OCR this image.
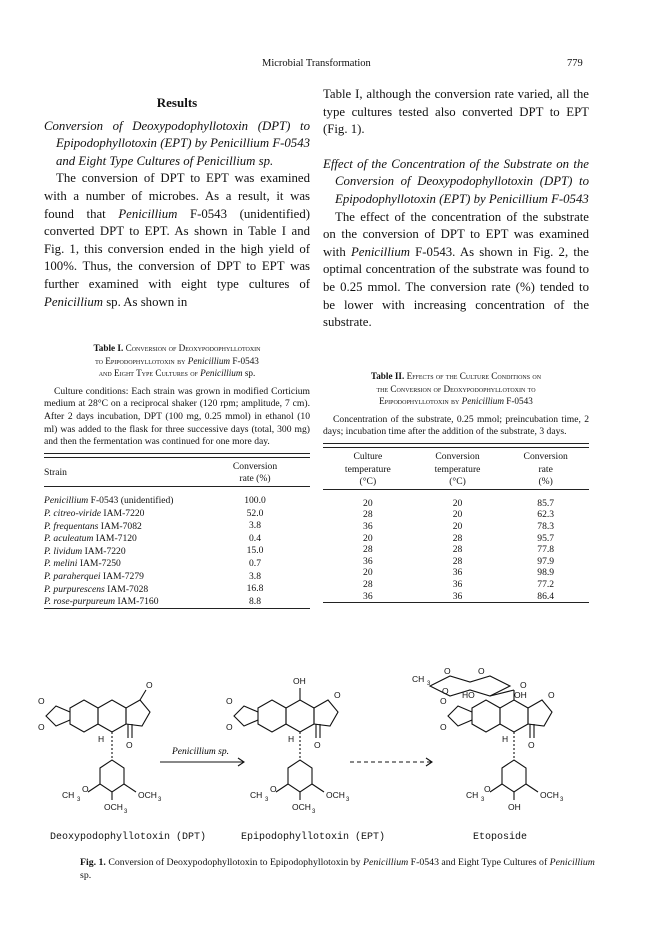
Microbial Transformation	779
Results
Conversion of Deoxypodophyllotoxin (DPT) to Epipodophyllotoxin (EPT) by Penicillium F-0543 and Eight Type Cultures of Penicillium sp.

The conversion of DPT to EPT was examined with a number of microbes. As a result, it was found that Penicillium F-0543 (unidentified) converted DPT to EPT. As shown in Table I and Fig. 1, this conversion ended in the high yield of 100%. Thus, the conversion of DPT to EPT was further examined with eight type cultures of Penicillium sp. As shown in

Table I, although the conversion rate varied, all the type cultures tested also converted DPT to EPT (Fig. 1).

Effect of the Concentration of the Substrate on the Conversion of Deoxypodophyllotoxin (DPT) to Epipodophyllotoxin (EPT) by Penicillium F-0543

The effect of the concentration of the substrate on the conversion of DPT to EPT was examined with Penicillium F-0543. As shown in Fig. 2, the optimal concentration of the substrate was found to be 0.25 mmol. The conversion rate (%) tended to be lower with increasing concentration of the substrate.

Table I. Conversion of Deoxypodophyllotoxin
to Epipodophyllotoxin by Penicillium F-0543
and Eight Type Cultures of Penicillium sp.

Culture conditions: Each strain was grown in modified Corticium medium at 28°C on a reciprocal shaker (120 rpm; amplitude, 7 cm). After 2 days incubation, DPT (100 mg, 0.25 mmol) in ethanol (10 ml) was added to the flask for three successive days (total, 300 mg) and then the fermentation was continued for one more day.

Strain	Conversion
rate (%)

Penicillium F-0543 (unidentified)	100.0
P. citreo-viride IAM-7220	52.0
P. frequentans IAM-7082	3.8
P. aculeatum IAM-7120	0.4
P. lividum IAM-7220	15.0
P. melini IAM-7250	0.7
P. paraherquei IAM-7279	3.8
P. purpurescens IAM-7028	16.8
P. rose-purpureum IAM-7160	8.8

Table II. Effects of the Culture Conditions on
the Conversion of Deoxypodophyllotoxin to
Epipodophyllotoxin by Penicillium F-0543

Concentration of the substrate, 0.25 mmol; preincubation time, 2 days; incubation time after the addition of the substrate, 3 days.

Culture	Conversion	Conversion
temperature	temperature	rate
(°C)	(°C)	(%)

20	20	85.7
28	20	62.3
36	20	78.3
20	28	95.7
28	28	77.8
36	28	97.9
20	36	98.9
28	36	77.2
36	36	86.4

O
O
O
O
H
CH 3
O
OCH 3
OCH 3
OH
O
O
O
O
H
CH 3
O
OCH 3
OCH 3
CH 3
O
O HO
O
OH
O
O
O
O
O
H
CH 3
O
OCH 3
OH
Penicillium sp.
Deoxypodophyllotoxin (DPT)	Epipodophyllotoxin (EPT)	Etoposide
Fig. 1. Conversion of Deoxypodophyllotoxin to Epipodophyllotoxin by Penicillium F-0543 and Eight Type Cultures of Penicillium sp.
